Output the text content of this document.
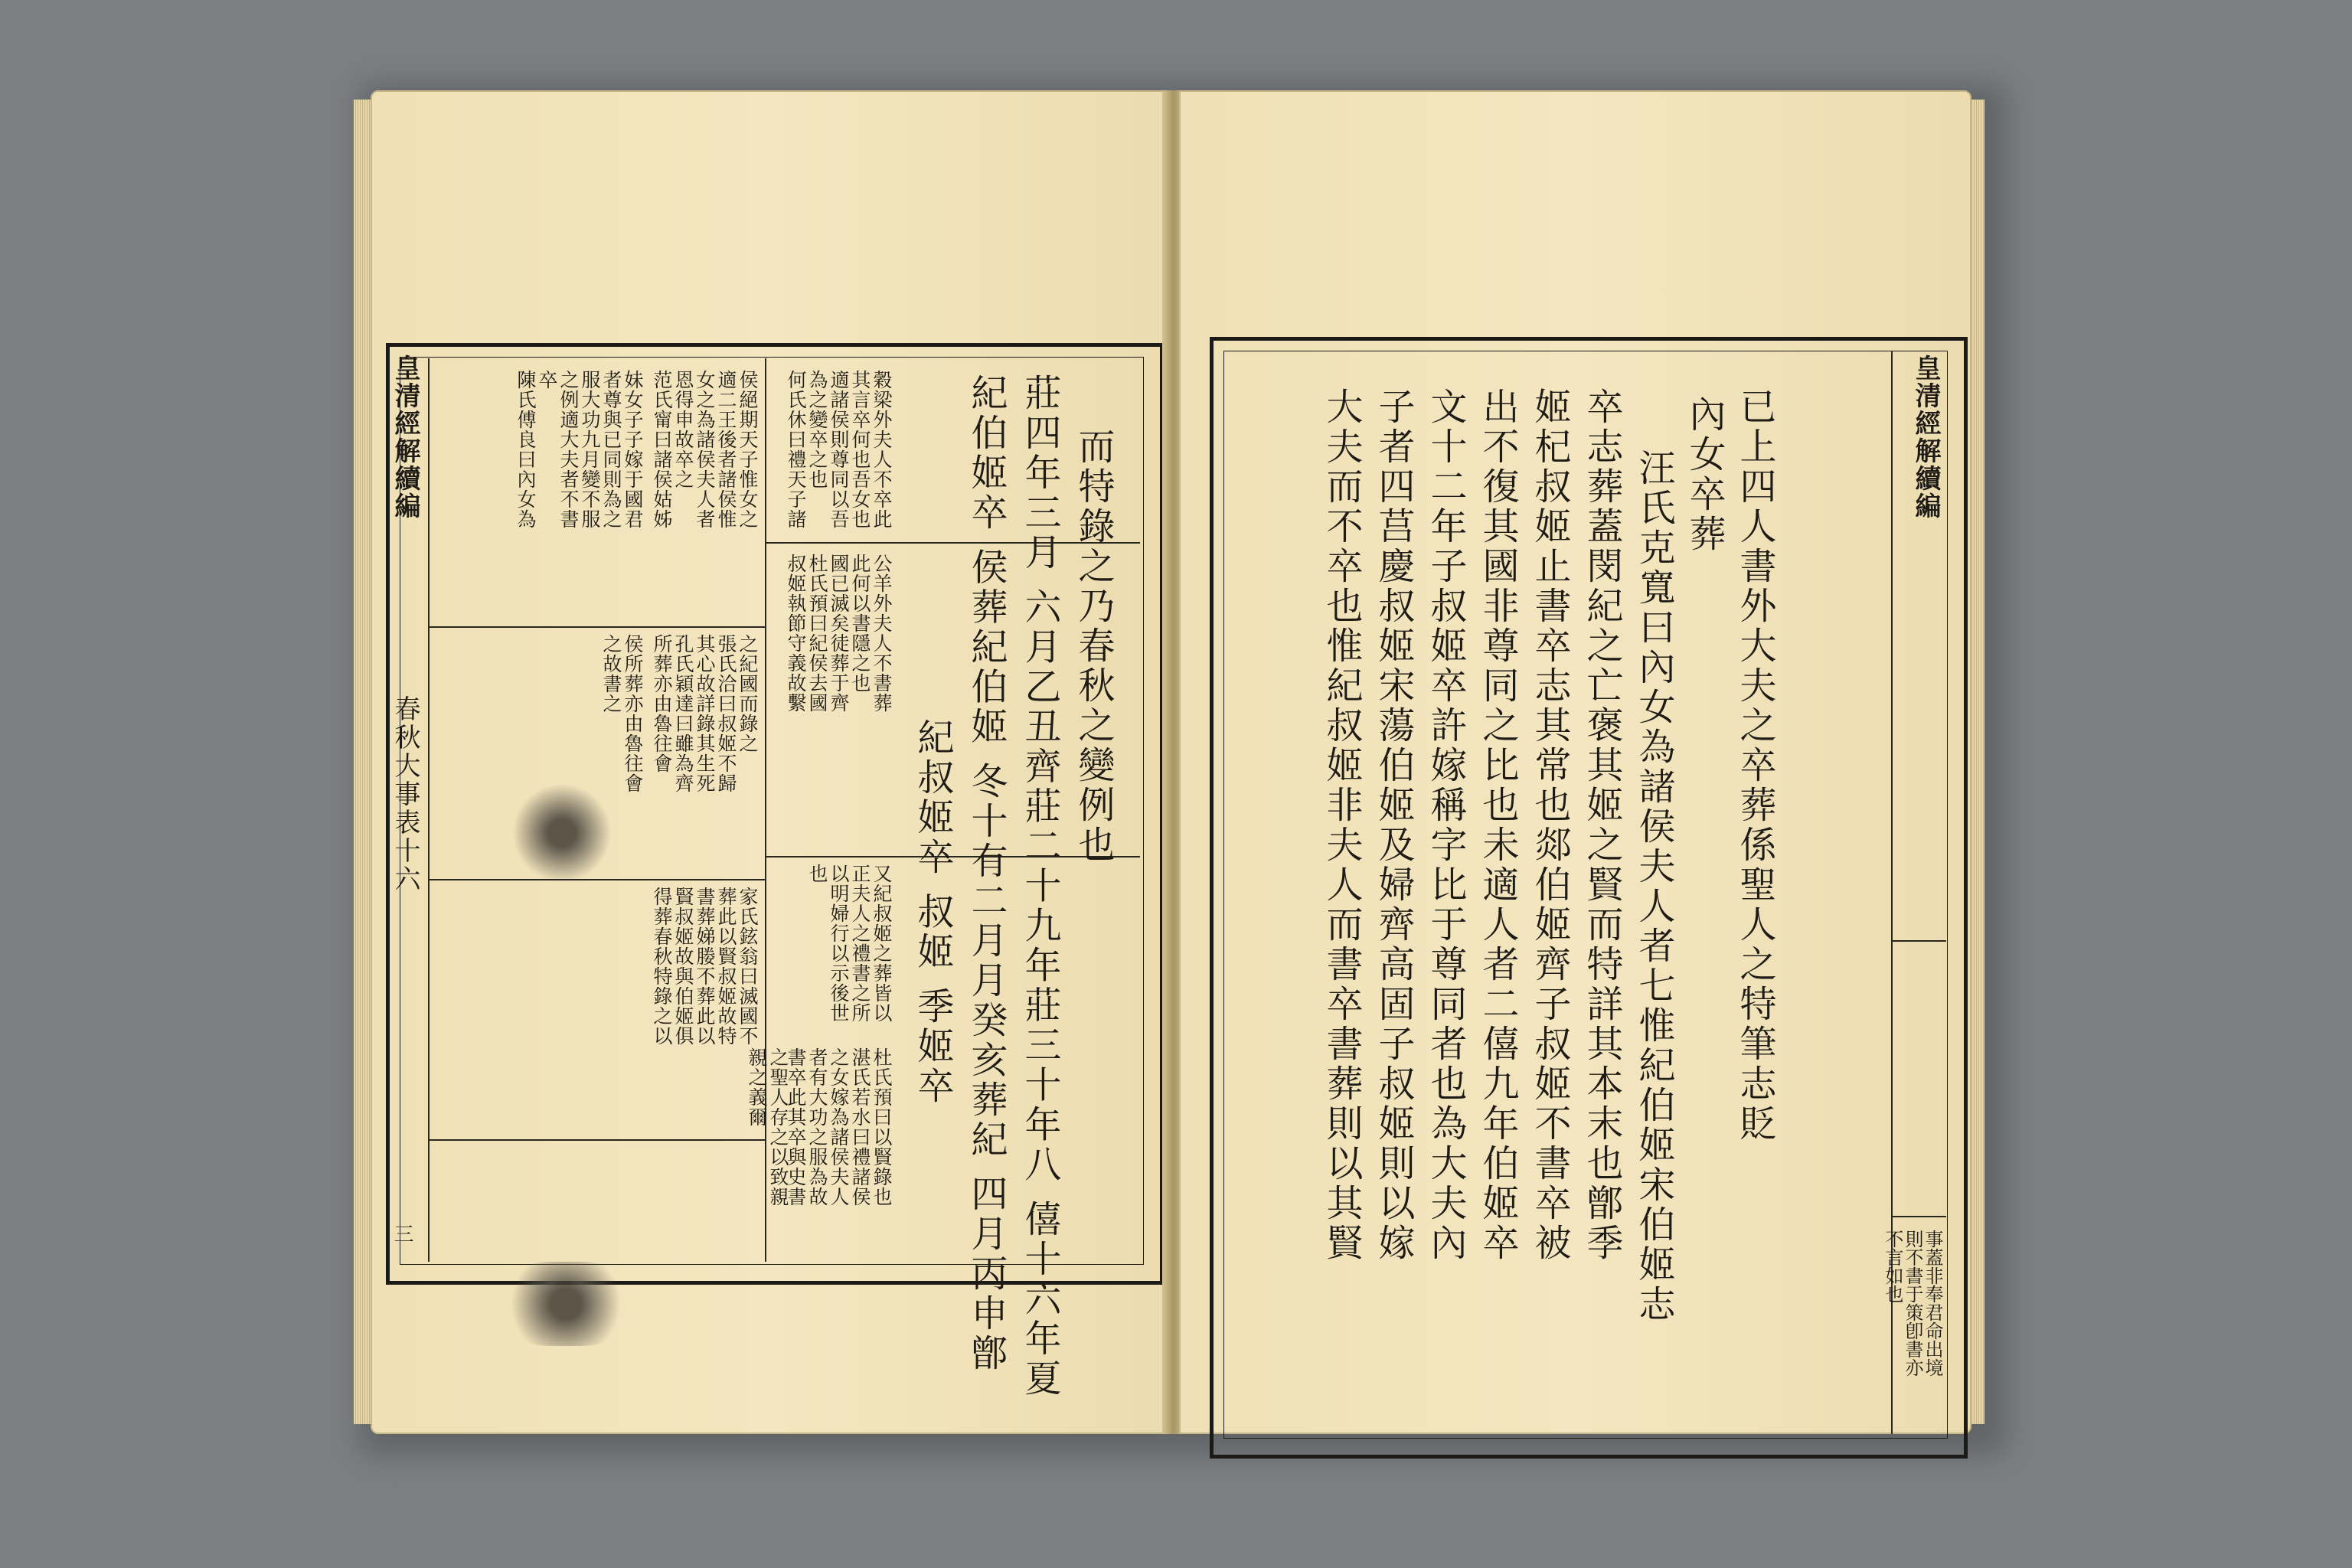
皇清經解續編
春秋大事表十六
三
而特錄之乃春秋之變例也
莊四年三月 六月乙丑齊莊二十九年莊三十年八 僖十六年夏
紀伯姬卒 侯葬紀伯姬 冬十有二月月癸亥葬紀 四月丙申鄫
紀叔姬卒 叔姬 季姬卒
穀梁外夫人不卒此
其言卒何也吾女也
適諸侯則尊同以吾
為之變卒之也
何氏休曰禮天子諸
侯絕期天子惟女之
適二王後者諸侯惟
女之為諸侯夫人者
恩得申故卒之
范氏甯曰諸侯姑姊
妹女子子嫁于國君
者尊與已同則為之
服大功九月變不服
之例適大夫者不書
卒
陳氏傅良曰內女為
公羊外夫人不書葬
此何以書隱之也
國已滅矣徒葬于齊
杜氏預曰紀侯去國
叔姬執節守義故繫
之紀國而錄之
張氏洽曰叔姬不歸
其心故詳錄其生死
孔氏穎達曰雖為齊
所葬亦由魯往會
侯所葬亦由魯往會
之故書之
又紀叔姬之葬皆以
正夫人之禮書之所
以明婦行以示後世
也
家氏鉉翁曰滅國不
葬此以賢叔姬故特
書葬娣媵不葬此以
賢叔姬故與伯姬俱
得葬春秋特錄之以
杜氏預曰以賢錄也
湛氏若水曰禮諸侯
之女嫁為諸侯夫人
者有大功之服為故
書卒此其卒與史書
之聖人存之以致親
親之義爾
皇清經解續編
已上四人書外大夫之卒葬係聖人之特筆志貶
內女卒葬
汪氏克寬曰內女為諸侯夫人者七惟紀伯姬宋伯姬志
卒志葬蓋閔紀之亡褒其姬之賢而特詳其本末也鄫季
姬杞叔姬止書卒志其常也郯伯姬齊子叔姬不書卒被
出不復其國非尊同之比也未適人者二僖九年伯姬卒
文十二年子叔姬卒許嫁稱字比于尊同者也為大夫內
子者四莒慶叔姬宋蕩伯姬及婦齊高固子叔姬則以嫁
大夫而不卒也惟紀叔姬非夫人而書卒書葬則以其賢
事蓋非奉君命出境
則不書于策卽書亦
不言如也
